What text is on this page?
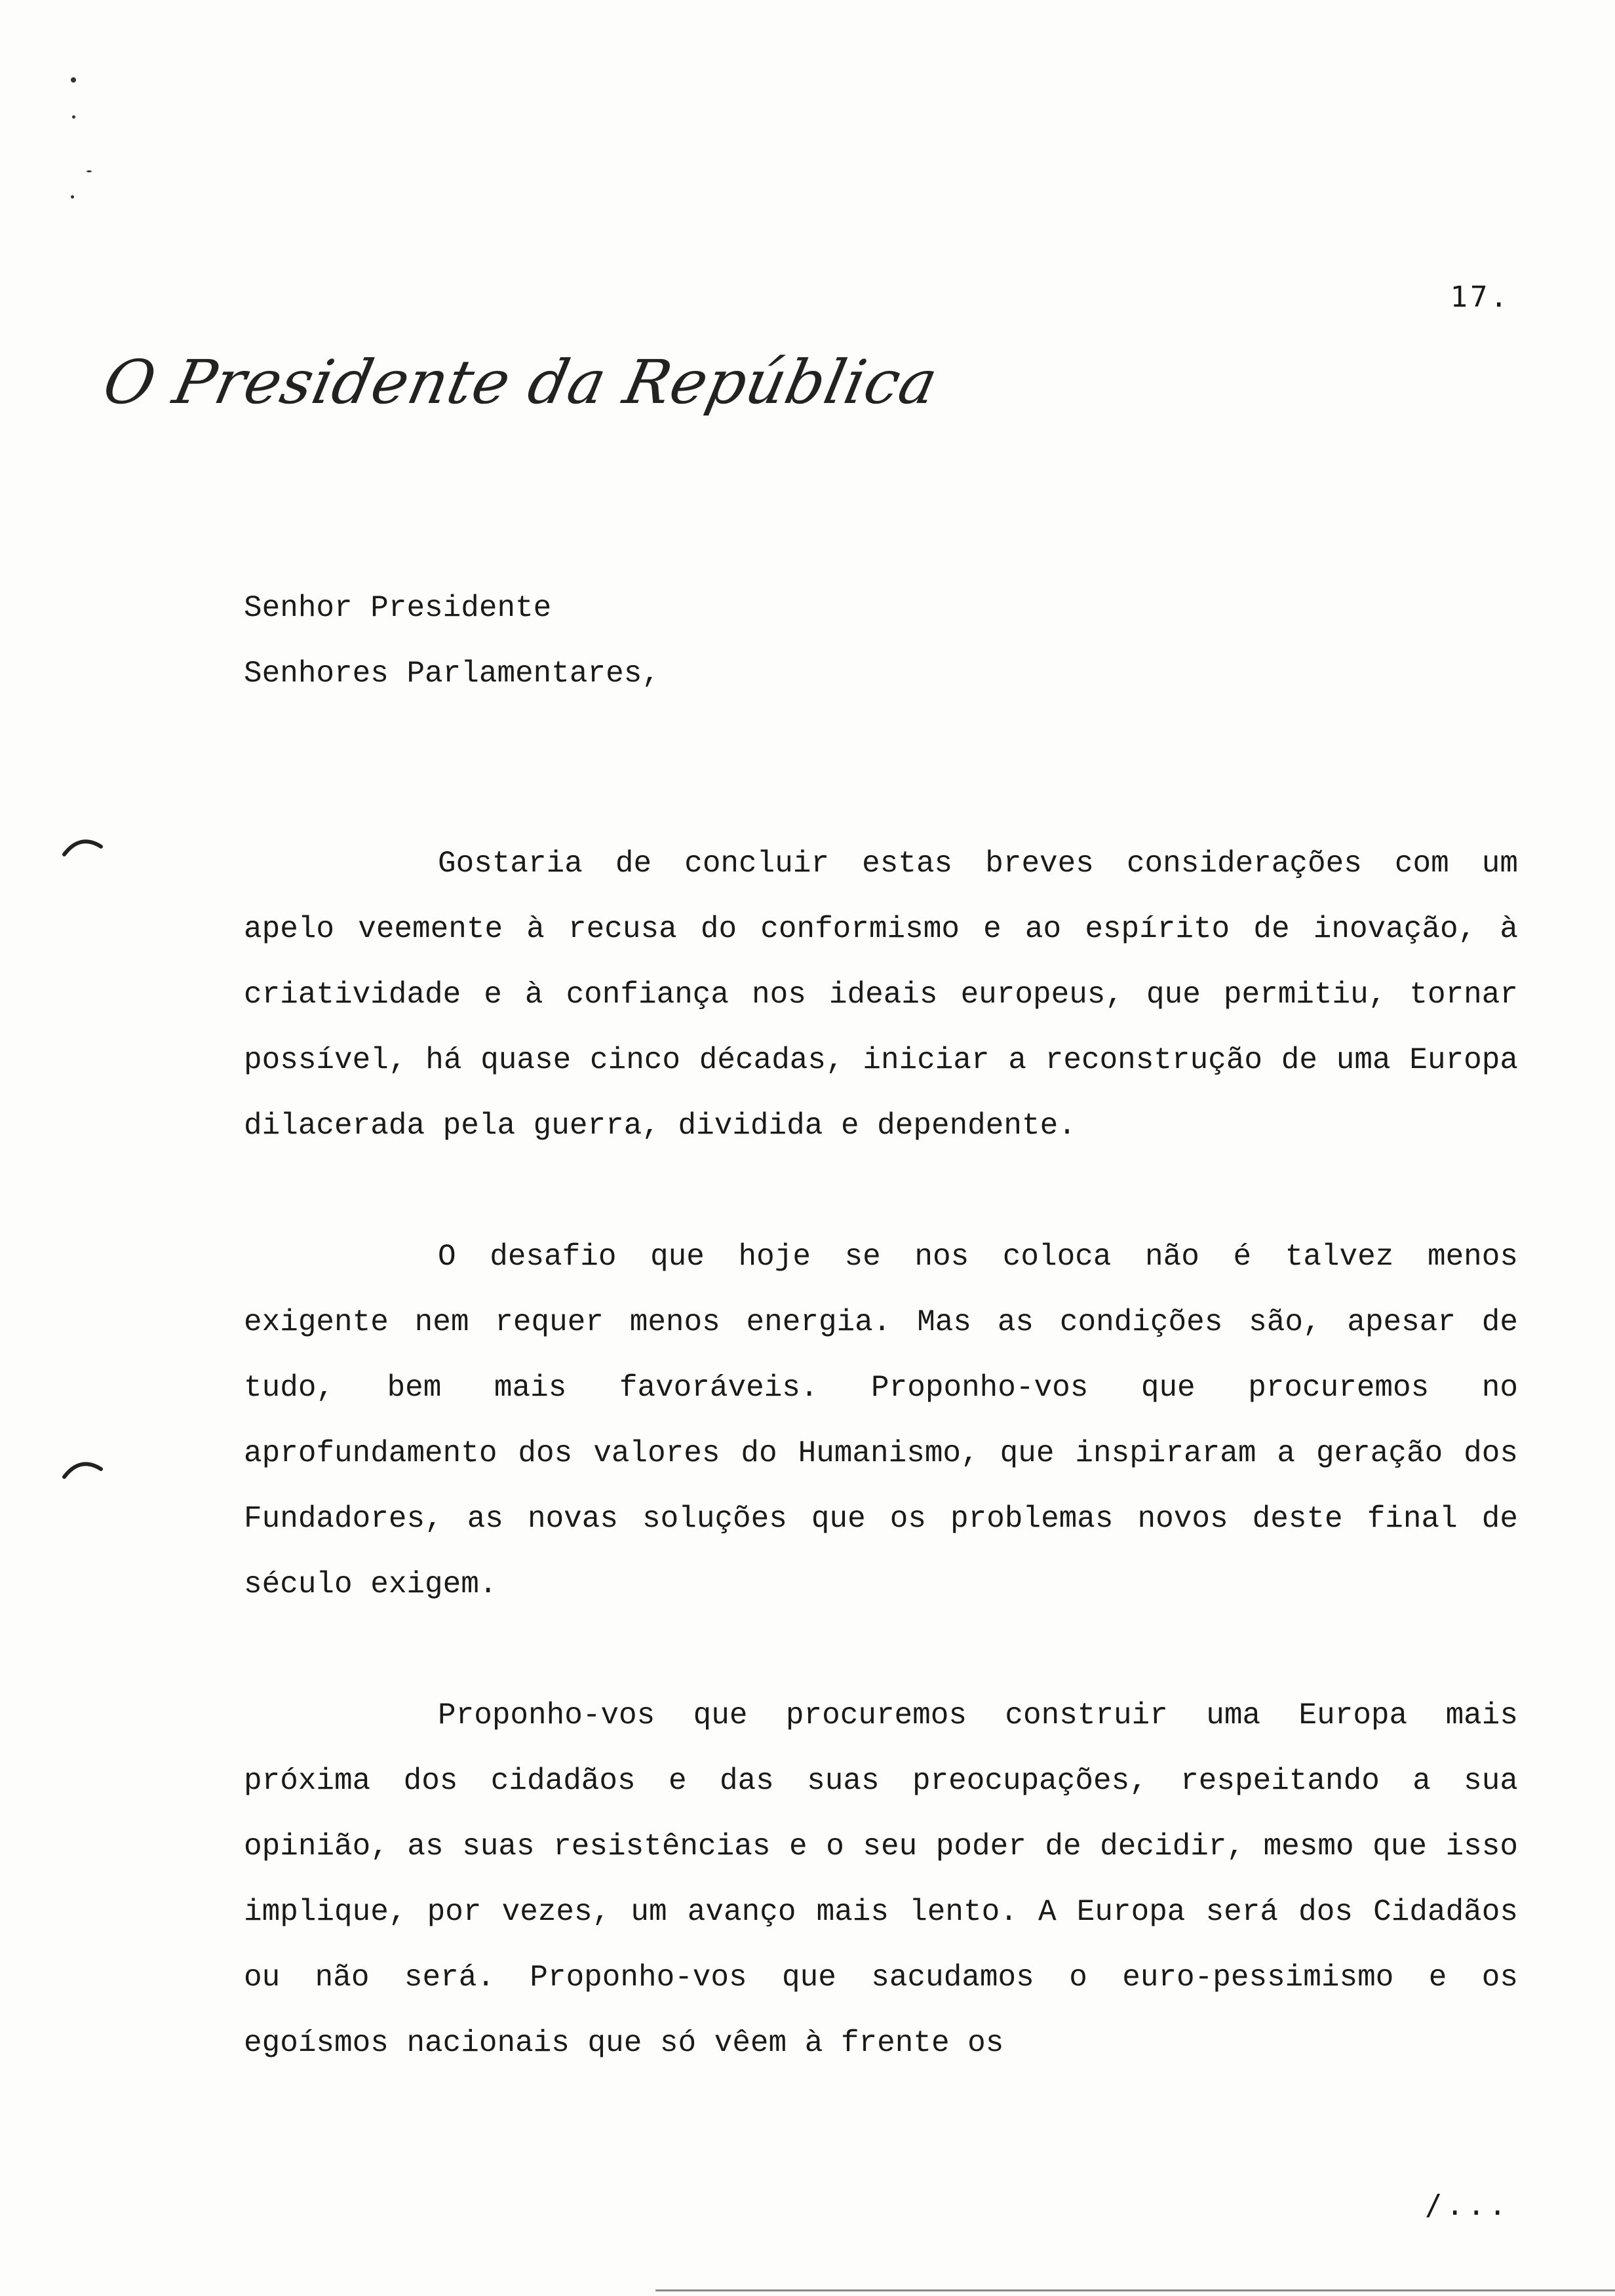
17.
O Presidente da República
Senhor Presidente
Senhores Parlamentares,

Gostaria de concluir estas breves considerações com um apelo veemente à recusa do conformismo e ao espírito de inovação, à criatividade e à confiança nos ideais europeus, que permitiu, tornar possível, há quase cinco décadas, iniciar a reconstrução de uma Europa dilacerada pela guerra, dividida e dependente.

O desafio que hoje se nos coloca não é talvez menos exigente nem requer menos energia. Mas as condições são, apesar de tudo, bem mais favoráveis. Proponho-vos que procuremos no aprofundamento dos valores do Humanismo, que inspiraram a geração dos Fundadores, as novas soluções que os problemas novos deste final de século exigem.

Proponho-vos que procuremos construir uma Europa mais próxima dos cidadãos e das suas preocupações, respeitando a sua opinião, as suas resistências e o seu poder de decidir, mesmo que isso implique, por vezes, um avanço mais lento. A Europa será dos Cidadãos ou não será. Proponho-vos que sacudamos o euro-pessimismo e os egoísmos nacionais que só vêem à frente os

/...
